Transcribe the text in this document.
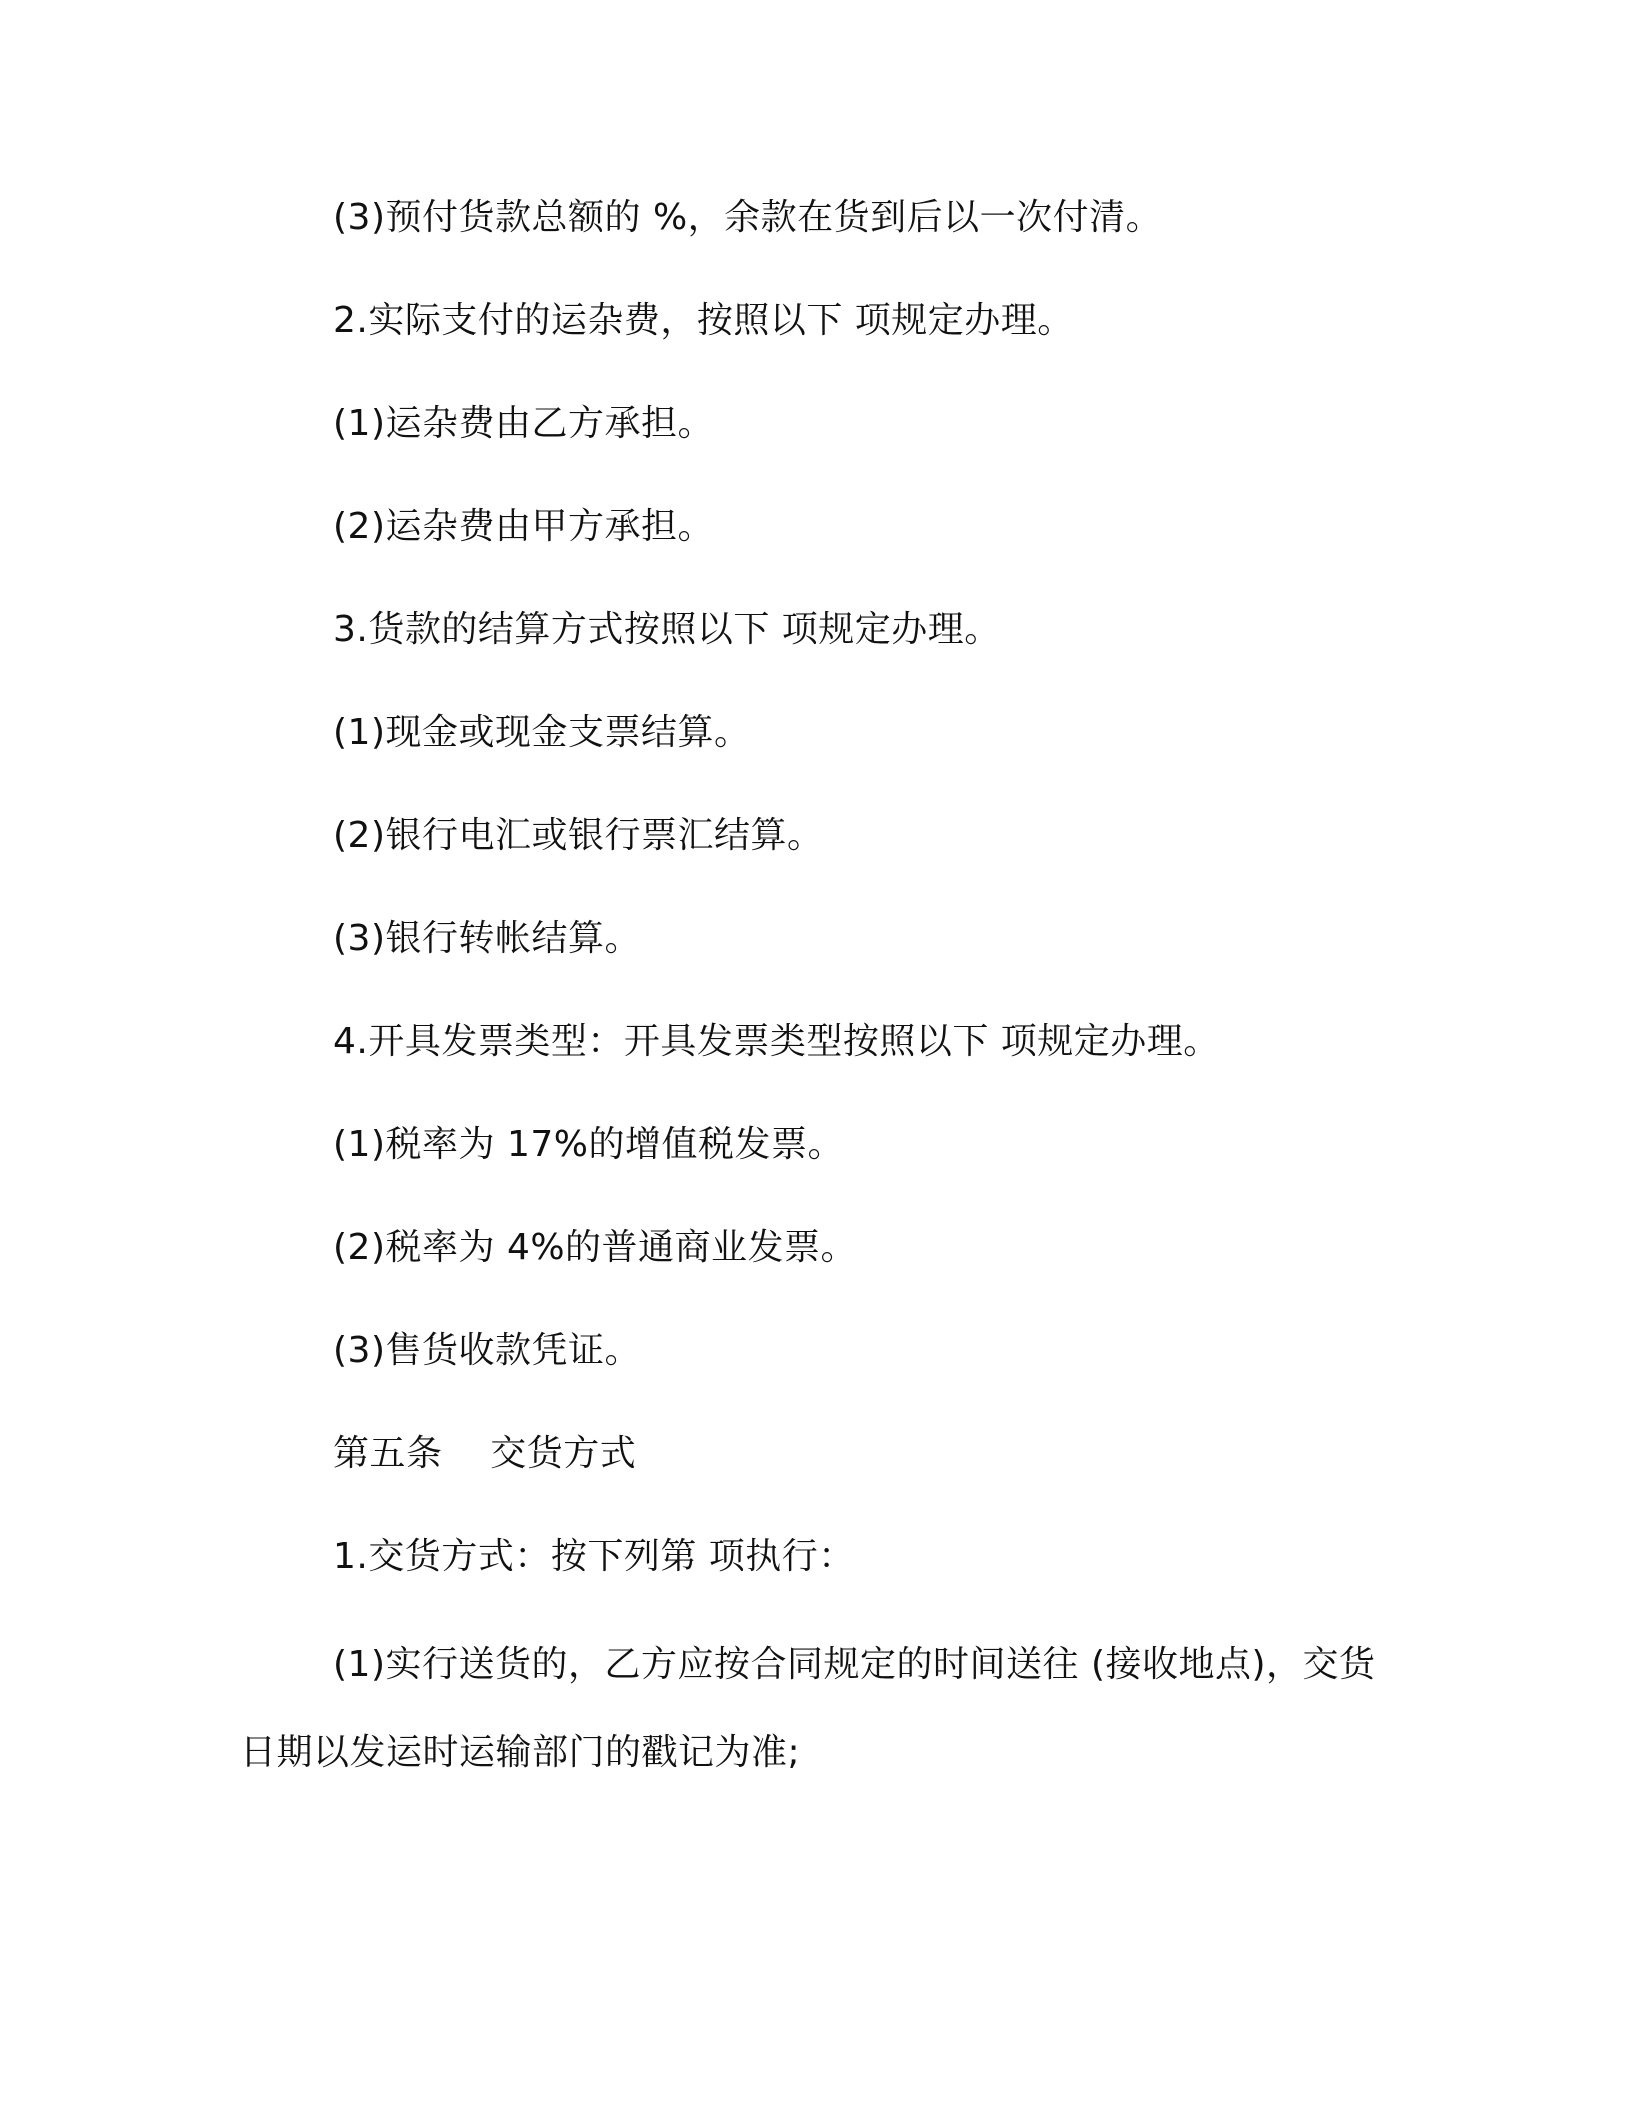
(3)预付货款总额的 %，余款在货到后以一次付清。
2.实际支付的运杂费，按照以下 项规定办理。
(1)运杂费由乙方承担。
(2)运杂费由甲方承担。
3.货款的结算方式按照以下 项规定办理。
(1)现金或现金支票结算。
(2)银行电汇或银行票汇结算。
(3)银行转帐结算。
4.开具发票类型：开具发票类型按照以下 项规定办理。
(1)税率为 17%的增值税发票。
(2)税率为 4%的普通商业发票。
(3)售货收款凭证。
第五条    交货方式
1.交货方式：按下列第 项执行：
(1)实行送货的，乙方应按合同规定的时间送往 (接收地点)，交货
日期以发运时运输部门的戳记为准;
